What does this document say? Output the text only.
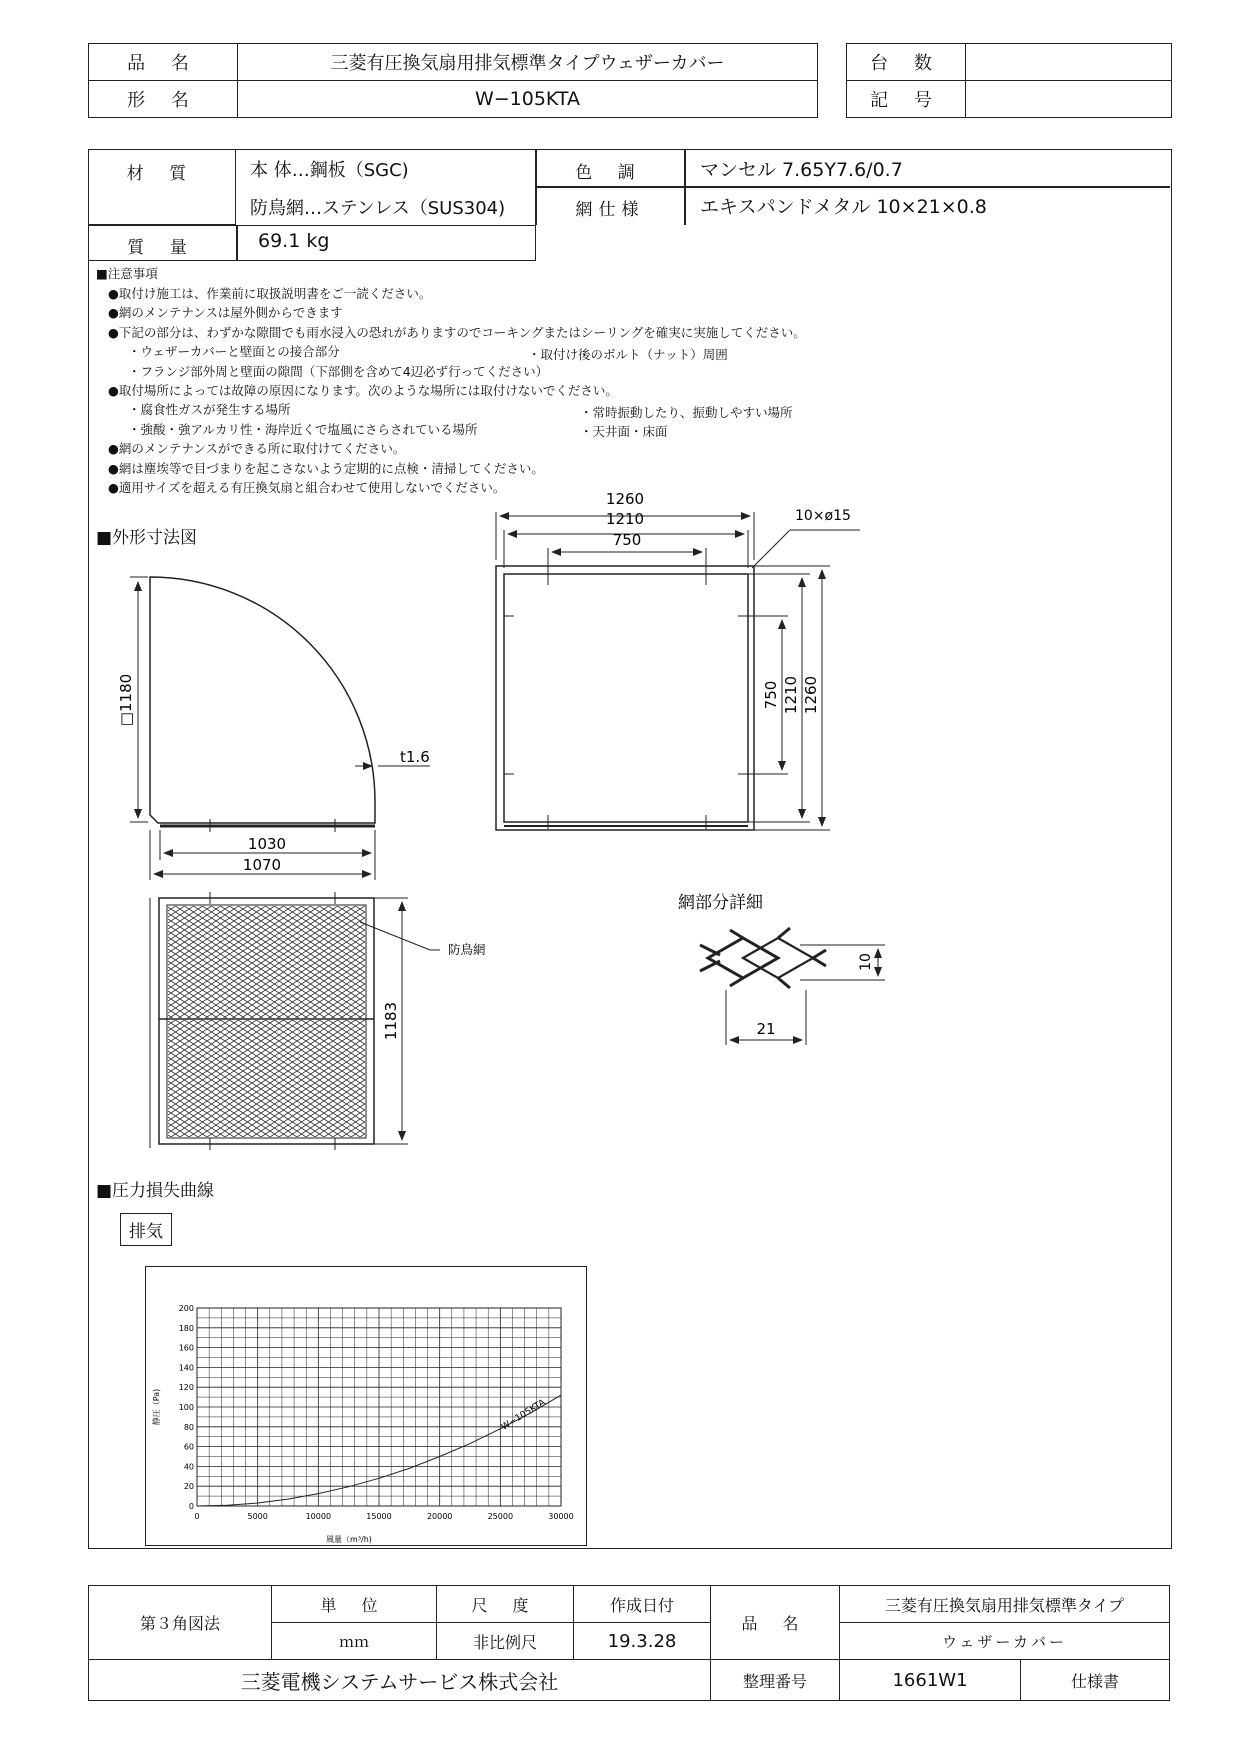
品 名	三菱有圧換気扇用排気標準タイプウェザーカバー
形 名	W−105KTA
台 数	
記 号	
材 質	本 体…鋼板（SGC)
防鳥網…ステンレス（SUS304)
色 調	マンセル 7.65Y7.6/0.7
網仕様	エキスパンドメタル 10×21×0.8
質 量	69.1 kg
■注意事項
●取付け施工は、作業前に取扱説明書をご一読ください。
●網のメンテナンスは屋外側からできます
●下記の部分は、わずかな隙間でも雨水浸入の恐れがありますのでコーキングまたはシーリングを確実に実施してください。
・ウェザーカバーと壁面との接合部分
・フランジ部外周と壁面の隙間（下部側を含めて4辺必ず行ってください）
●取付場所によっては故障の原因になります。次のような場所には取付けないでください。
・腐食性ガスが発生する場所
・強酸・強アルカリ性・海岸近くで塩風にさらされている場所
●網のメンテナンスができる所に取付けてください。
●網は塵埃等で目づまりを起こさないよう定期的に点検・清掃してください。
●適用サイズを超える有圧換気扇と組合わせて使用しないでください。
・取付け後のボルト（ナット）周囲
・常時振動したり、振動しやすい場所
・天井面・床面
■外形寸法図
□1180
t1.6
1030
1070
1260
1210
750
10×ø15
750 1210 1260
防鳥網
1183
網部分詳細
10
21
■圧力損失曲線
排気
0	5000	10000	15000	20000	25000	30000
0
20
40
60
80
100
120
140
160
180
200
W−105KTA
静圧（Pa)
風量（m³/h)
第３角図法	単 位	尺 度	作成日付	品 名	三菱有圧換気扇用排気標準タイプ	
	ｍｍ	非比例尺	19.3.28		ウェザーカバー	
三菱電機システムサービス株式会社				整理番号	1661W1	仕様書
